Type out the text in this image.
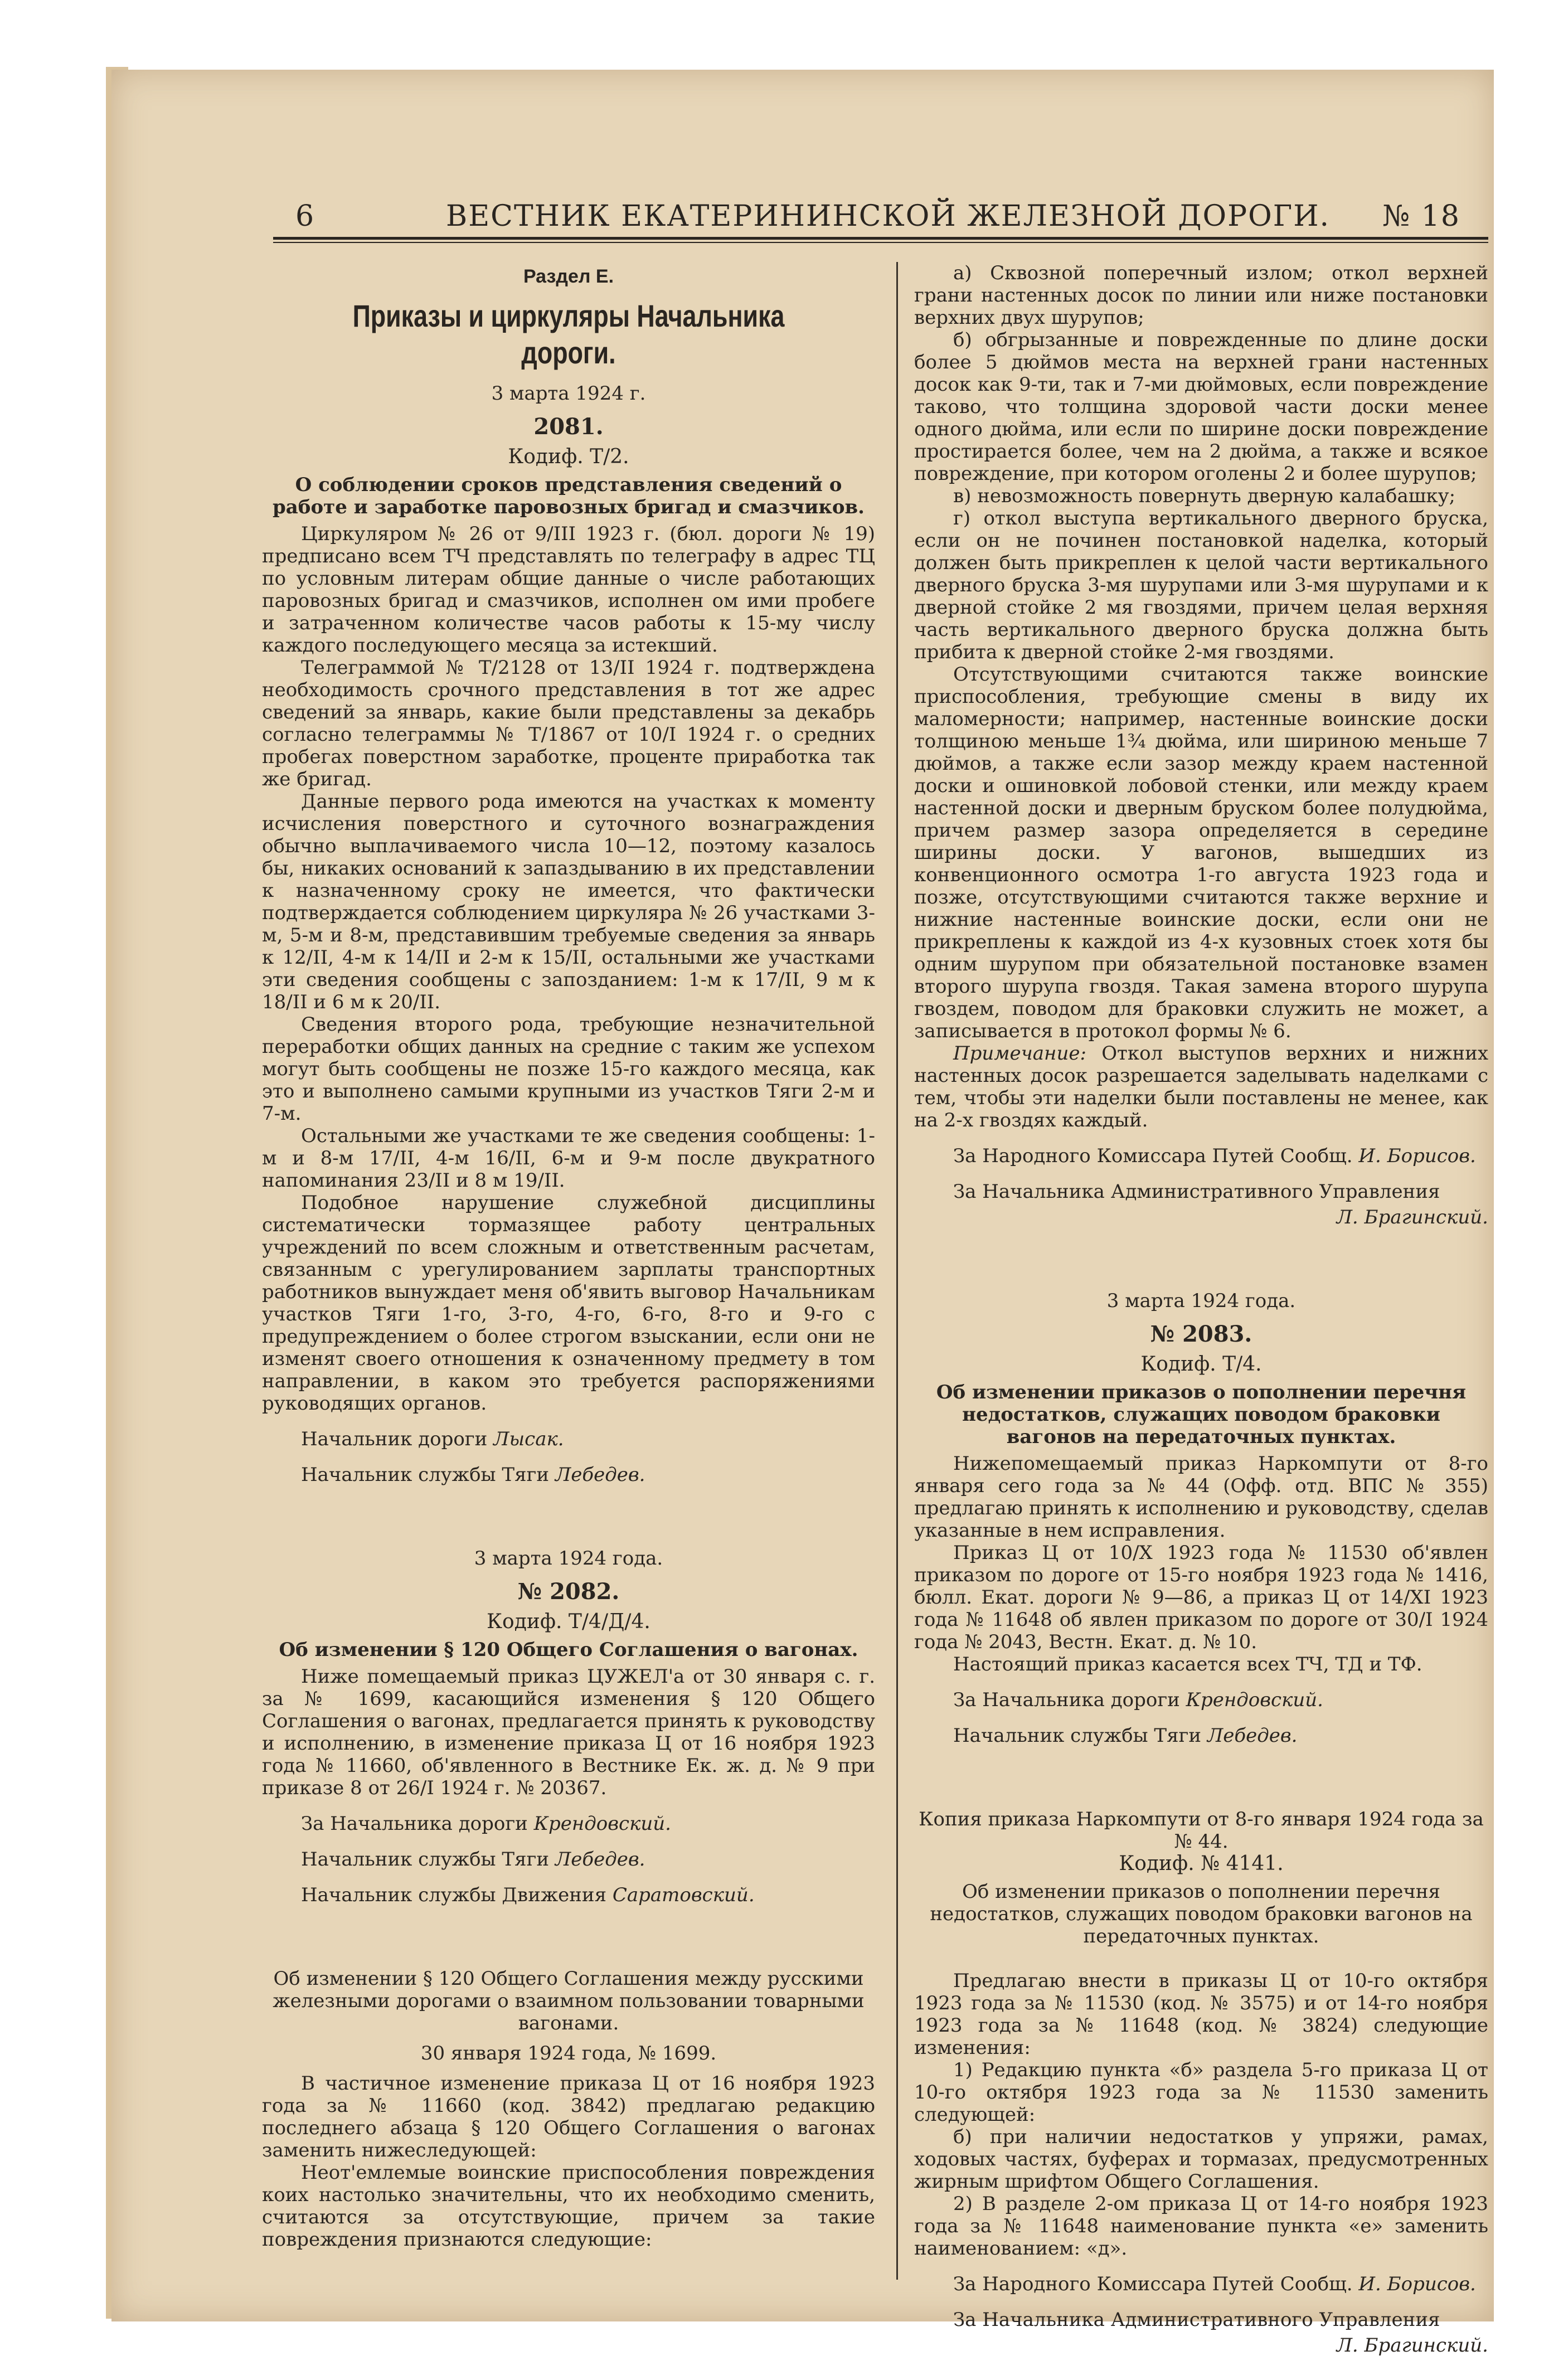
6	ВЕСТНИК ЕКАТЕРИНИНСКОЙ ЖЕЛЕЗНОЙ ДОРОГИ. № 18

Раздел Е.

Приказы и циркуляры Начальника дороги.

3 марта 1924 г.

2081.

Кодиф. Т/2.

О соблюдении сроков представления сведений о работе и заработке паровозных бригад и смазчиков.

Циркуляром № 26 от 9/III 1923 г. (бюл. дороги № 19) предписано всем ТЧ представлять по телеграфу в адрес ТЦ по условным литерам общие данные о числе работающих паровозных бригад и смазчиков, исполнен ом ими пробеге и затраченном количестве часов работы к 15-му числу каждого последующего месяца за истекший.

Телеграммой № Т/2128 от 13/II 1924 г. подтверждена необходимость срочного представления в тот же адрес сведений за январь, какие были представлены за декабрь согласно телеграммы № Т/1867 от 10/I 1924 г. о средних пробегах поверстном заработке, проценте приработка так же бригад.

Данные первого рода имеются на участках к моменту исчисления поверстного и суточного вознаграждения обычно выплачиваемого числа 10—12, поэтому казалось бы, никаких оснований к запаздыванию в их представлении к назначенному сроку не имеется, что фактически подтверждается соблюдением циркуляра № 26 участками 3-м, 5-м и 8-м, представившим требуемые сведения за январь к 12/II, 4-м к 14/II и 2-м к 15/II, остальными же участками эти сведения сообщены с запозданием: 1-м к 17/II, 9 м к 18/II и 6 м к 20/II.

Сведения второго рода, требующие незначительной переработки общих данных на средние с таким же успехом могут быть сообщены не позже 15-го каждого месяца, как это и выполнено самыми крупными из участков Тяги 2-м и 7-м.

Остальными же участками те же сведения сообщены: 1-м и 8-м 17/II, 4-м 16/II, 6-м и 9-м после двукратного напоминания 23/II и 8 м 19/II.

Подобное нарушение служебной дисциплины систематически тормазящее работу центральных учреждений по всем сложным и ответственным расчетам, связанным с урегулированием зарплаты транспортных работников вынуждает меня об'явить выговор Начальникам участков Тяги 1-го, 3-го, 4-го, 6-го, 8-го и 9-го с предупреждением о более строгом взыскании, если они не изменят своего отношения к означенному предмету в том направлении, в каком это требуется распоряжениями руководящих органов.

Начальник дороги Лысак.

Начальник службы Тяги Лебедев.

3 марта 1924 года.

№ 2082.

Кодиф. Т/4/Д/4.

Об изменении § 120 Общего Соглашения о вагонах.

Ниже помещаемый приказ ЦУЖЕЛ'а от 30 января с. г. за № 1699, касающийся изменения § 120 Общего Соглашения о вагонах, предлагается принять к руководству и исполнению, в изменение приказа Ц от 16 ноября 1923 года № 11660, об'явленного в Вестнике Ек. ж. д. № 9 при приказе 8 от 26/I 1924 г. № 20367.

За Начальника дороги Крендовский.

Начальник службы Тяги Лебедев.

Начальник службы Движения Саратовский.

Об изменении § 120 Общего Соглашения между русскими железными дорогами о взаимном пользовании товарными вагонами.

30 января 1924 года, № 1699.

В частичное изменение приказа Ц от 16 ноября 1923 года за № 11660 (код. 3842) предлагаю редакцию последнего абзаца § 120 Общего Соглашения о вагонах заменить нижеследующей:

Неот'емлемые воинские приспособления повреждения коих настолько значительны, что их необходимо сменить, считаются за отсутствующие, причем за такие повреждения признаются следующие:

а) Сквозной поперечный излом; откол верхней грани настенных досок по линии или ниже постановки верхних двух шурупов;

б) обгрызанные и поврежденные по длине доски более 5 дюймов места на верхней грани настенных досок как 9-ти, так и 7-ми дюймовых, если повреждение таково, что толщина здоровой части доски менее одного дюйма, или если по ширине доски повреждение простирается более, чем на 2 дюйма, а также и всякое повреждение, при котором оголены 2 и более шурупов;

в) невозможность повернуть дверную калабашку;

г) откол выступа вертикального дверного бруска, если он не починен постановкой наделка, который должен быть прикреплен к целой части вертикального дверного бруска 3-мя шурупами или 3-мя шурупами и к дверной стойке 2 мя гвоздями, причем целая верхняя часть вертикального дверного бруска должна быть прибита к дверной стойке 2-мя гвоздями.

Отсутствующими считаются также воинские приспособления, требующие смены в виду их маломерности; например, настенные воинские доски толщиною меньше 1¾ дюйма, или шириною меньше 7 дюймов, а также если зазор между краем настенной доски и ошиновкой лобовой стенки, или между краем настенной доски и дверным бруском более полудюйма, причем размер зазора определяется в середине ширины доски. У вагонов, вышедших из конвенционного осмотра 1-го августа 1923 года и позже, отсутствующими считаются также верхние и нижние настенные воинские доски, если они не прикреплены к каждой из 4-х кузовных стоек хотя бы одним шурупом при обязательной постановке взамен второго шурупа гвоздя. Такая замена второго шурупа гвоздем, поводом для браковки служить не может, а записывается в протокол формы № 6.

Примечание: Откол выступов верхних и нижних настенных досок разрешается заделывать наделками с тем, чтобы эти наделки были поставлены не менее, как на 2-х гвоздях каждый.

За Народного Комиссара Путей Сообщ. И. Борисов.

За Начальника Административного Управления

Л. Брагинский.

3 марта 1924 года.

№ 2083.

Кодиф. Т/4.

Об изменении приказов о пополнении перечня недостатков, служащих поводом браковки вагонов на передаточных пунктах.

Нижепомещаемый приказ Наркомпути от 8-го января сего года за № 44 (Офф. отд. ВПС № 355) предлагаю принять к исполнению и руководству, сделав указанные в нем исправления.

Приказ Ц от 10/X 1923 года № 11530 об'явлен приказом по дороге от 15-го ноября 1923 года № 1416, бюлл. Екат. дороги № 9—86, а приказ Ц от 14/XI 1923 года № 11648 об явлен приказом по дороге от 30/I 1924 года № 2043, Вестн. Екат. д. № 10.

Настоящий приказ касается всех ТЧ, ТД и ТФ.

За Начальника дороги Крендовский.

Начальник службы Тяги Лебедев.

Копия приказа Наркомпути от 8-го января 1924 года за № 44.

Кодиф. № 4141.

Об изменении приказов о пополнении перечня недостатков, служащих поводом браковки вагонов на передаточных пунктах.

Предлагаю внести в приказы Ц от 10-го октября 1923 года за № 11530 (код. № 3575) и от 14-го ноября 1923 года за № 11648 (код. № 3824) следующие изменения:

1) Редакцию пункта «б» раздела 5-го приказа Ц от 10-го октября 1923 года за № 11530 заменить следующей:

б) при наличии недостатков у упряжи, рамах, ходовых частях, буферах и тормазах, предусмотренных жирным шрифтом Общего Соглашения.

2) В разделе 2-ом приказа Ц от 14-го ноября 1923 года за № 11648 наименование пункта «е» заменить наименованием: «д».

За Народного Комиссара Путей Сообщ. И. Борисов.

За Начальника Административного Управления

Л. Брагинский.
